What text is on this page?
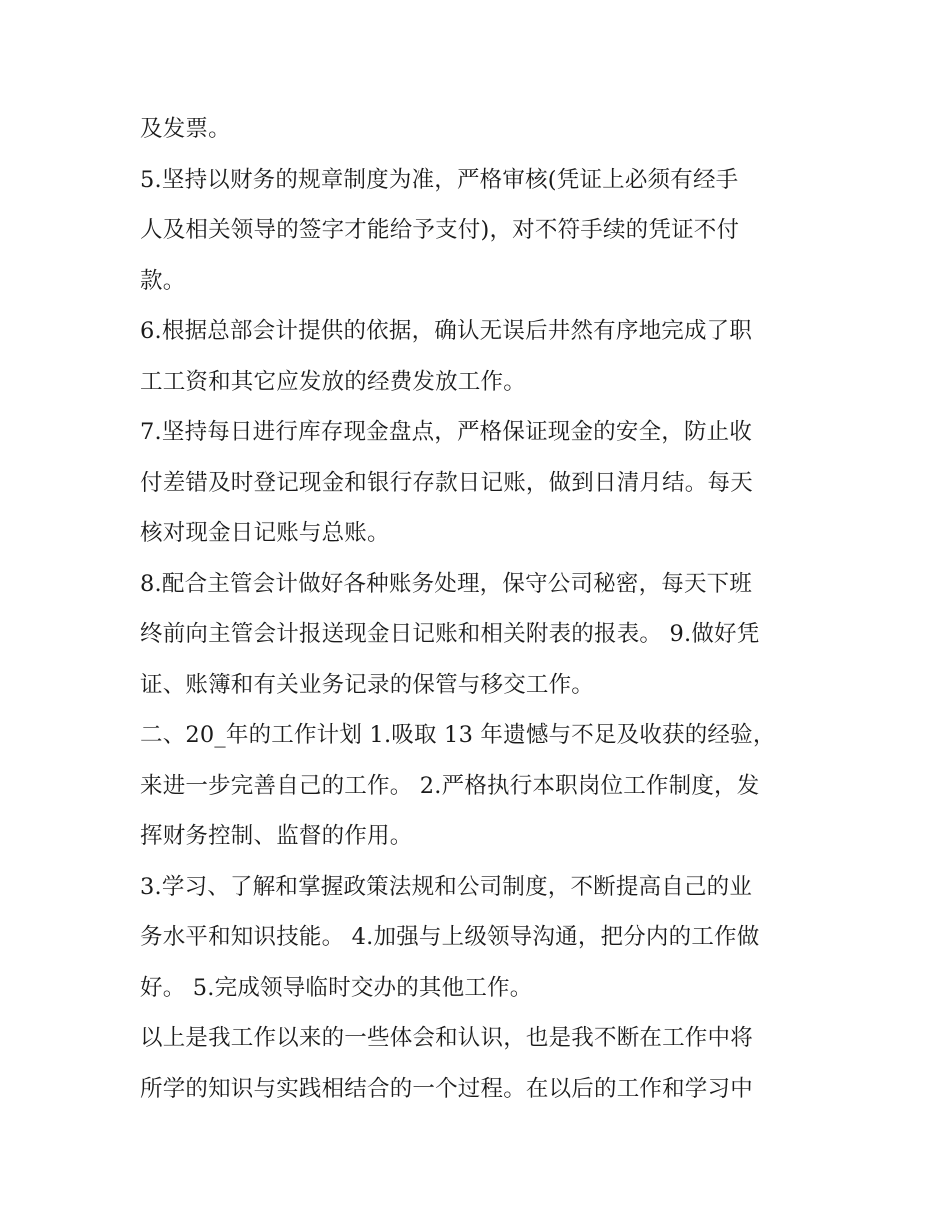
及发票。
5.坚持以财务的规章制度为准，严格审核(凭证上必须有经手
人及相关领导的签字才能给予支付)，对不符手续的凭证不付
款。
6.根据总部会计提供的依据，确认无误后井然有序地完成了职
工工资和其它应发放的经费发放工作。
7.坚持每日进行库存现金盘点，严格保证现金的安全，防止收
付差错及时登记现金和银行存款日记账，做到日清月结。每天
核对现金日记账与总账。
8.配合主管会计做好各种账务处理，保守公司秘密，每天下班
终前向主管会计报送现金日记账和相关附表的报表。 9.做好凭
证、账簿和有关业务记录的保管与移交工作。
二、20_年的工作计划 1.吸取 13 年遗憾与不足及收获的经验，
来进一步完善自己的工作。 2.严格执行本职岗位工作制度，发
挥财务控制、监督的作用。
3.学习、了解和掌握政策法规和公司制度，不断提高自己的业
务水平和知识技能。 4.加强与上级领导沟通，把分内的工作做
好。 5.完成领导临时交办的其他工作。
以上是我工作以来的一些体会和认识，也是我不断在工作中将
所学的知识与实践相结合的一个过程。在以后的工作和学习中
